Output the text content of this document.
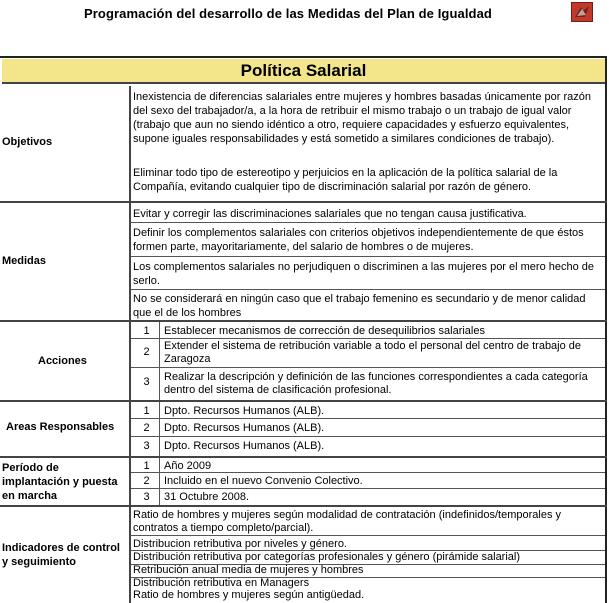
Programación del desarrollo de las Medidas del Plan de Igualdad
Política Salarial
Objetivos
Inexistencia de diferencias salariales entre mujeres y hombres basadas únicamente por razón del sexo del trabajador/a, a la hora de retribuir el mismo trabajo o un trabajo de igual valor (trabajo que aun no siendo idéntico a otro, requiere capacidades y esfuerzo equivalentes, supone iguales responsabilidades y está sometido a similares condiciones de trabajo).
Eliminar todo tipo de estereotipo y perjuicios en la aplicación de la política salarial de la Compañía, evitando cualquier tipo de discriminación salarial por razón de género.
Medidas
Evitar y corregir las discriminaciones salariales que no tengan causa justificativa.
Definir los complementos salariales con criterios objetivos independientemente de que éstos formen parte, mayoritariamente, del salario de hombres o de mujeres.
Los complementos salariales no perjudiquen o discriminen a las mujeres por el mero hecho de serlo.
No se considerará en ningún caso que el trabajo femenino es secundario y de menor calidad que el de los hombres
Acciones
1	Establecer mecanismos de corrección de desequilibrios salariales
2	Extender el sistema de retribución variable a todo el personal del centro de trabajo de Zaragoza
3	Realizar la descripción y definición de las funciones correspondientes a cada categoría dentro del sistema de clasificación profesional.
Areas Responsables
1	Dpto. Recursos Humanos (ALB).
2	Dpto. Recursos Humanos (ALB).
3	Dpto. Recursos Humanos (ALB).
Período de implantación y puesta en marcha
1	Año 2009
2	Incluido en el nuevo Convenio Colectivo.
3	31 Octubre 2008.
Indicadores de control y seguimiento
Ratio de hombres y mujeres según modalidad de contratación (indefinidos/temporales y contratos a tiempo completo/parcial).
Distribucion retributiva por niveles y género.
Distribución retributiva por categorías profesionales y género (pirámide salarial)
Retribución anual media de mujeres y hombres
Distribución retributiva en Managers
Ratio de hombres y mujeres según antigüedad.
